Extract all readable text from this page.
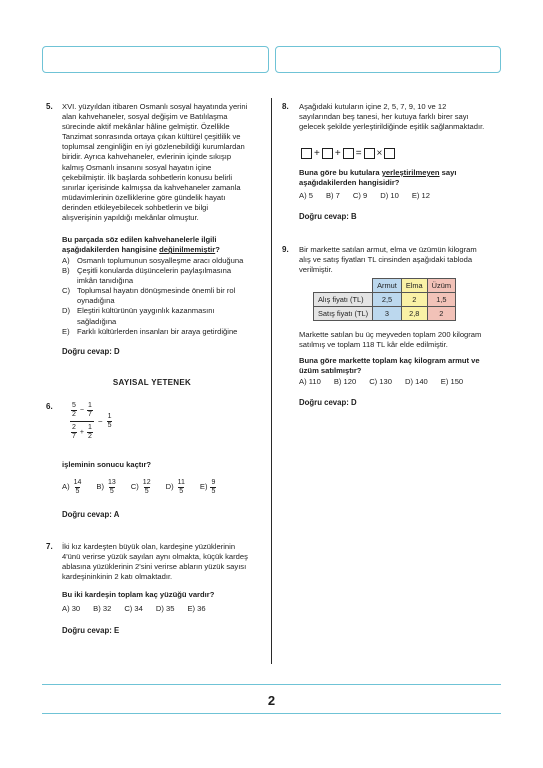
5. XVI. yüzyıldan itibaren Osmanlı sosyal hayatında yerini
alan kahvehaneler, sosyal değişim ve Batılılaşma
sürecinde aktif mekânlar hâline gelmiştir. Özellikle
Tanzimat sonrasında ortaya çıkan kültürel çeşitlilik ve
toplumsal zenginliğin en iyi gözlenebildiği kurumlardan
biridir. Ayrıca kahvehaneler, evlerinin içinde sıkışıp
kalmış Osmanlı insanını sosyal hayatın içine
çekebilmiştir. İlk başlarda sohbetlerin konusu belirli
sınırlar içerisinde kalmışsa da kahvehaneler zamanla
müdavimlerinin özelliklerine göre gündelik hayatı
derinden etkileyebilecek sohbetlerin ve bilgi
alışverişinin yapıldığı mekânlar olmuştur.
Bu parçada söz edilen kahvehanelerle ilgili
aşağıdakilerden hangisine değinilmemiştir?
A) Osmanlı toplumunun sosyalleşme aracı olduğuna
B) Çeşitli konularda düşüncelerin paylaşılmasına
imkân tanıdığına
C) Toplumsal hayatın dönüşmesinde önemli bir rol
oynadığına
D) Eleştiri kültürünün yaygınlık kazanmasını
sağladığına
E) Farklı kültürlerden insanları bir araya getirdiğine
Doğru cevap: D
SAYISAL YETENEK
6. $\frac{\frac{5}{2} - \frac{1}{7}}{\frac{2}{7} + \frac{1}{2}} - \frac{1}{5}$
işleminin sonucu kaçtır?
$A) \frac{14}{5} B) \frac{13}{5} C) \frac{12}{5} D) \frac{11}{5} E) \frac{9}{5}$
Doğru cevap: A
7. İki kız kardeşten büyük olan, kardeşine yüzüklerinin
4'ünü verirse yüzük sayıları aynı olmakta, küçük kardeş
ablasına yüzüklerinin 2'sini verirse abların yüzük sayısı
kardeşininkinin 2 katı olmaktadır.
Bu iki kardeşin toplam kaç yüzüğü vardır?
A) 30 B) 32 C) 34 D) 35 E) 36
Doğru cevap: E
8. Aşağıdaki kutuların içine 2, 5, 7, 9, 10 ve 12
sayılarından beş tanesi, her kutuya farklı birer sayı
gelecek şekilde yerleştirildiğinde eşitlik sağlanmaktadır.
+ + = ×
Buna göre bu kutulara yerleştirilmeyen sayı
aşağıdakilerden hangisidir?
A) 5 B) 7 C) 9 D) 10 E) 12
Doğru cevap: B
9. Bir markette satılan armut, elma ve üzümün kilogram
alış ve satış fiyatları TL cinsinden aşağıdaki tabloda
verilmiştir.
	Armut	Elma	Üzüm
Alış fiyatı (TL)	2,5	2	1,5
Satış fiyatı (TL)	3	2,8	2
Markette satılan bu üç meyveden toplam 200 kilogram
satılmış ve toplam 118 TL kâr elde edilmiştir.
Buna göre markette toplam kaç kilogram armut ve
üzüm satılmıştır?
A) 110 B) 120 C) 130 D) 140 E) 150
Doğru cevap: D
2
